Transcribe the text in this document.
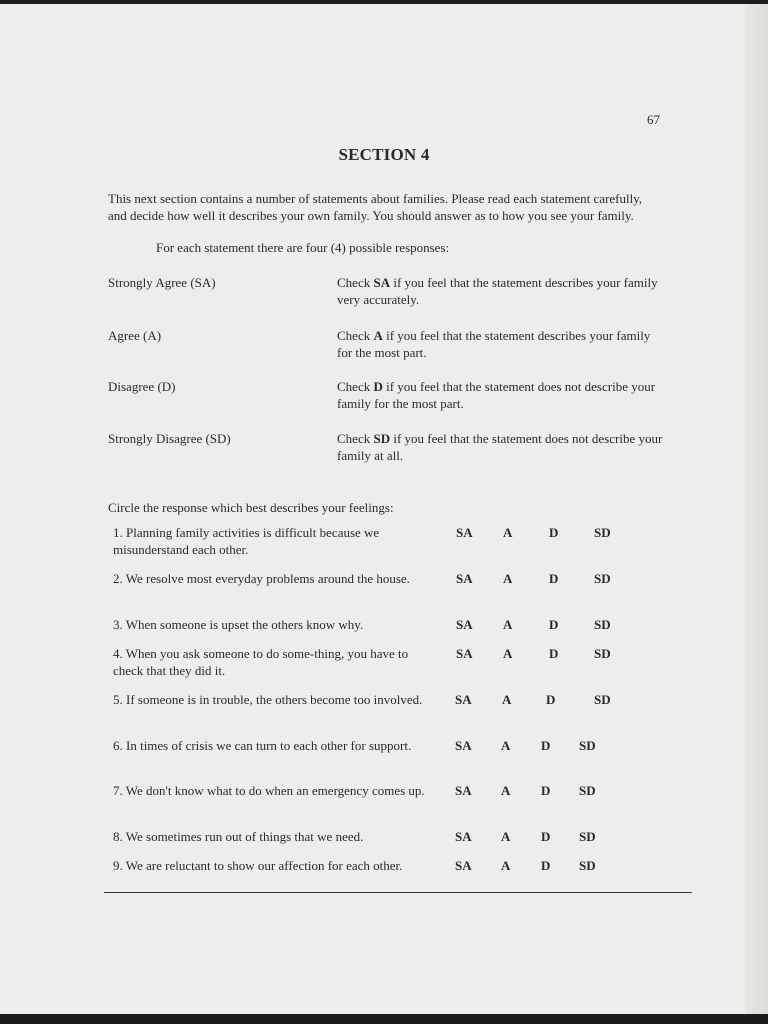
67
SECTION 4

This next section contains a number of statements about families. Please read each statement carefully, and decide how well it describes your own family. You should answer as to how you see your family.

For each statement there are four (4) possible responses:

Strongly Agree (SA)	Check SA if you feel that the statement describes your family very accurately.
Agree (A)	Check A if you feel that the statement describes your family for the most part.
Disagree (D)	Check D if you feel that the statement does not describe your family for the most part.
Strongly Disagree (SD)	Check SD if you feel that the statement does not describe your family at all.
Circle the response which best describes your feelings:
1. Planning family activities is difficult because we misunderstand each other.
SA A	D	SD
2. We resolve most everyday problems around the house.	SA A	D	SD
3. When someone is upset the others know why.	SA A	D	SD
4. When you ask someone to do some-thing, you have to check that they did it.
SA A	D	SD
5. If someone is in trouble, the others become too involved.	SA A	D	SD
6. In times of crisis we can turn to each other for support.	SA A D SD
7. We don't know what to do when an emergency comes up.	SA A D SD
8. We sometimes run out of things that we need.	SA A D SD
9. We are reluctant to show our affection for each other.	SA A D SD
